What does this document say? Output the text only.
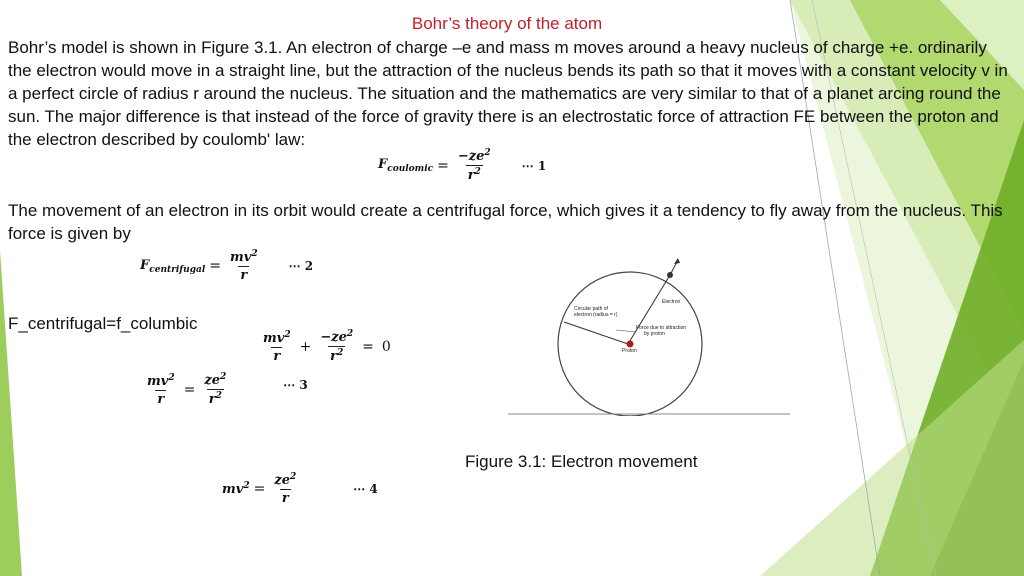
Bohr’s theory of the atom
Bohr’s model is shown in Figure 3.1. An electron of charge –e and mass m moves around a heavy nucleus of charge +e. ordinarily the electron would move in a straight line, but the attraction of the nucleus bends its path so that it moves with a constant velocity v in a perfect circle of radius r around the nucleus. The situation and the mathematics are very similar to that of a planet arcing round the sun. The major difference is that instead of the force of gravity there is an electrostatic force of attraction FE between the proton and the electron described by coulomb' law:
$F_{coulomic} = \frac{-ze^2}{r^2}$ ⋯ 1
The movement of an electron in its orbit would create a centrifugal force, which gives it a tendency to fly away from the nucleus. This force is given by
$F_{centrifugal} = \frac{mv^2}{r}$ ⋯ 2
F_centrifugal=f_columbic
$\frac{mv^2}{r} + \frac{-ze^2}{r^2} = 0$
$\frac{mv^2}{r} = \frac{ze^2}{r^2}$	⋯ 3
$mv^2 = \frac{ze^2}{r}$	⋯ 4
Circular path of
electron (radius = r)
Electron
Force due to attraction
by proton
Proton
Figure 3.1: Electron movement
